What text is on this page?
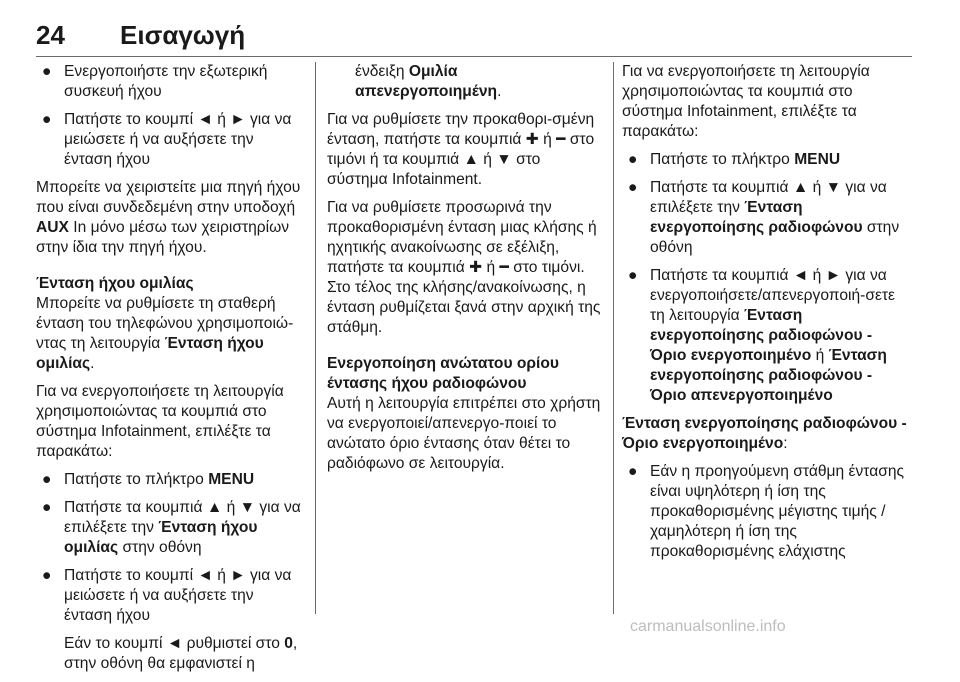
24 Εισαγωγή
● Ενεργοποιήστε την εξωτερική συσκευή ήχου
● Πατήστε το κουμπί ◄ ή ► για να μειώσετε ή να αυξήσετε την ένταση ήχου

Μπορείτε να χειριστείτε μια πηγή ήχου που είναι συνδεδεμένη στην υποδοχή AUX In μόνο μέσω των χειριστηρίων στην ίδια την πηγή ήχου.

Ένταση ήχου ομιλίας

Μπορείτε να ρυθμίσετε τη σταθερή ένταση του τηλεφώνου χρησιμοποιώ-ντας τη λειτουργία Ένταση ήχου ομιλίας.

Για να ενεργοποιήσετε τη λειτουργία χρησιμοποιώντας τα κουμπιά στο σύστημα Infotainment, επιλέξτε τα παρακάτω:

● Πατήστε το πλήκτρο MENU
● Πατήστε τα κουμπιά ▲ ή ▼ για να επιλέξετε την Ένταση ήχου ομιλίας στην οθόνη
● Πατήστε το κουμπί ◄ ή ► για να μειώσετε ή να αυξήσετε την ένταση ήχου

Εάν το κουμπί ◄ ρυθμιστεί στο 0, στην οθόνη θα εμφανιστεί η

ένδειξη Ομιλία απενεργοποιημένη.

Για να ρυθμίσετε την προκαθορι-σμένη ένταση, πατήστε τα κουμπιά ✚ ή ━ στο τιμόνι ή τα κουμπιά ▲ ή ▼ στο σύστημα Infotainment.

Για να ρυθμίσετε προσωρινά την προκαθορισμένη ένταση μιας κλήσης ή ηχητικής ανακοίνωσης σε εξέλιξη, πατήστε τα κουμπιά ✚ ή ━ στο τιμόνι. Στο τέλος της κλήσης/ανακοίνωσης, η ένταση ρυθμίζεται ξανά στην αρχική της στάθμη.

Ενεργοποίηση ανώτατου ορίου έντασης ήχου ραδιοφώνου

Αυτή η λειτουργία επιτρέπει στο χρήστη να ενεργοποιεί/απενεργο-ποιεί το ανώτατο όριο έντασης όταν θέτει το ραδιόφωνο σε λειτουργία.

Για να ενεργοποιήσετε τη λειτουργία χρησιμοποιώντας τα κουμπιά στο σύστημα Infotainment, επιλέξτε τα παρακάτω:

● Πατήστε το πλήκτρο MENU
● Πατήστε τα κουμπιά ▲ ή ▼ για να επιλέξετε την Ένταση ενεργοποίησης ραδιοφώνου στην οθόνη
● Πατήστε τα κουμπιά ◄ ή ► για να ενεργοποιήσετε/απενεργοποιή-σετε τη λειτουργία Ένταση ενεργοποίησης ραδιοφώνου - Όριο ενεργοποιημένο ή Ένταση ενεργοποίησης ραδιοφώνου - Όριο απενεργοποιημένο

Ένταση ενεργοποίησης ραδιοφώνου - Όριο ενεργοποιημένο:

● Εάν η προηγούμενη στάθμη έντασης είναι υψηλότερη ή ίση της προκαθορισμένης μέγιστης τιμής / χαμηλότερη ή ίση της προκαθορισμένης ελάχιστης
carmanualsonline.info
